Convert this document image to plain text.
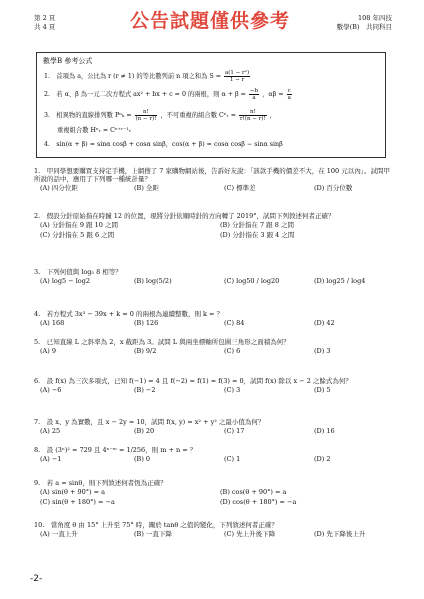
第 2 頁
共 4 頁
108 年四技
數學(B)　共同科目
公告試題僅供參考
數學B 參考公式
1.　首項為 a，公比為 r (r ≠ 1) 的等比數列前 n 項之和為 $S = \frac{\text{a(1 − rⁿ)}}{1 - r}$
2.　若 α、β 為一元二次方程式 ax² + bx + c = 0 的兩根，則 $\alpha + \beta = \frac{-b}{a}$ ，$\alpha\beta = \frac{c}{a}$
3.　相異物的直線排列數 $P^n_k = \frac{n!}{(n - r)!}$ ，不可重複的組合數 Cⁿᵣ = $\frac{n!}{r!(n - r)!}$ ，
重複組合數 Hⁿᵣ = Cⁿ⁺ʳ⁻¹ᵣ
4.　sin(α + β) = sinα cosβ + cosα sinβ，cos(α + β) = cosα cosβ − sinα sinβ
1.　甲同學想要購買支持定手機，上網搜了 7 家購物網站後，告訴好友說：「該款手機的價差不大，在 100 元以內」。試問甲所說的話中，應用了下列哪一種統計量？
(A) 四分位距	(B) 全距	(C) 標準差	(D) 百分位數
2.　假設分針原始指在時鐘 12 的位置，現將分針依順時針的方向轉了 2019°，試問下列敘述何者正確？
(A) 分針指在 9 跟 10 之間	(B) 分針指在 7 跟 8 之間
(C) 分針指在 5 跟 6 之間	(D) 分針指在 3 跟 4 之間
3.　下列何值與 log₅ 8 相等？
(A) log5 − log2	(B) log(5/2)	(C) log50 / log20	(D) log25 / log4
4.　若方程式 3x³ − 39x + k = 0 的兩根為連續整數，則 k = ？
(A) 168	(B) 126	(C) 84	(D) 42
5.　已知直線 L 之斜率為 2，x 截距為 3。試問 L 與兩坐標軸所包圍三角形之面積為何？
(A) 9	(B) 9/2	(C) 6	(D) 3
6.　設 f(x) 為三次多項式，已知 f(−1) = 4 且 f(−2) = f(1) = f(3) = 0，試問 f(x) 除以 x − 2 之餘式為何？
(A) −6	(B) −2	(C) 3	(D) 5
7.　設 x、y 為實數，且 x − 2y = 10，試問 f(x, y) = x² + y² 之最小值為何？
(A) 25	(B) 20	(C) 17	(D) 16
8.　設 (3ⁿ)² = 729 且 4ⁿ⁻ᵐ = 1/256，則 m + n = ？
(A) −1	(B) 0	(C) 1	(D) 2
9.　若 a = sinθ，則下列敘述何者恆為正確？
(A) sin(θ + 90°) = a	(B) cos(θ + 90°) = a
(C) sin(θ + 180°) = −a	(D) cos(θ + 180°) = −a
10.　當角度 θ 由 15° 上升至 75° 時，關於 tanθ 之值的變化，下列敘述何者正確？
(A) 一直上升	(B) 一直下降	(C) 先上升後下降	(D) 先下降後上升
-2-
